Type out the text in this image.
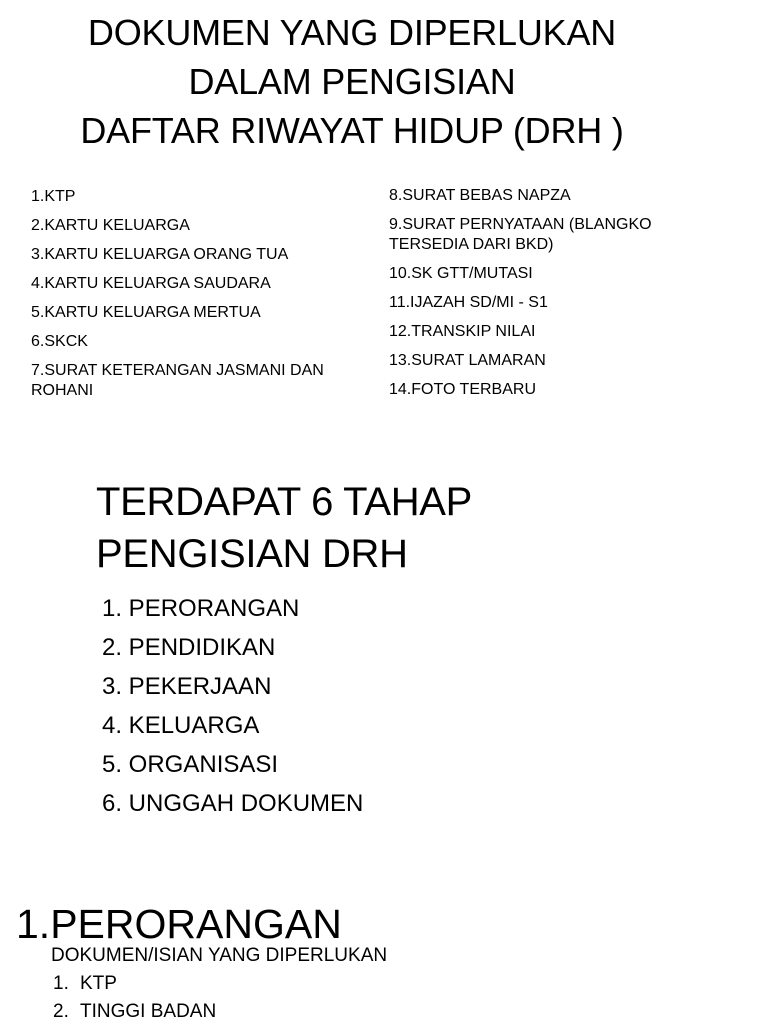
DOKUMEN YANG DIPERLUKAN
DALAM PENGISIAN
DAFTAR RIWAYAT HIDUP (DRH )
1.KTP
2.KARTU KELUARGA
3.KARTU KELUARGA ORANG TUA
4.KARTU KELUARGA SAUDARA
5.KARTU KELUARGA MERTUA
6.SKCK
7.SURAT KETERANGAN JASMANI DAN ROHANI
8.SURAT BEBAS NAPZA
9.SURAT PERNYATAAN (BLANGKO TERSEDIA DARI BKD)
10.SK GTT/MUTASI
11.IJAZAH SD/MI - S1
12.TRANSKIP NILAI
13.SURAT LAMARAN
14.FOTO TERBARU
TERDAPAT 6 TAHAP
PENGISIAN DRH
1. PERORANGAN
2. PENDIDIKAN
3. PEKERJAAN
4. KELUARGA
5. ORGANISASI
6. UNGGAH DOKUMEN
1.PERORANGAN
DOKUMEN/ISIAN YANG DIPERLUKAN
1. KTP
2. TINGGI BADAN
